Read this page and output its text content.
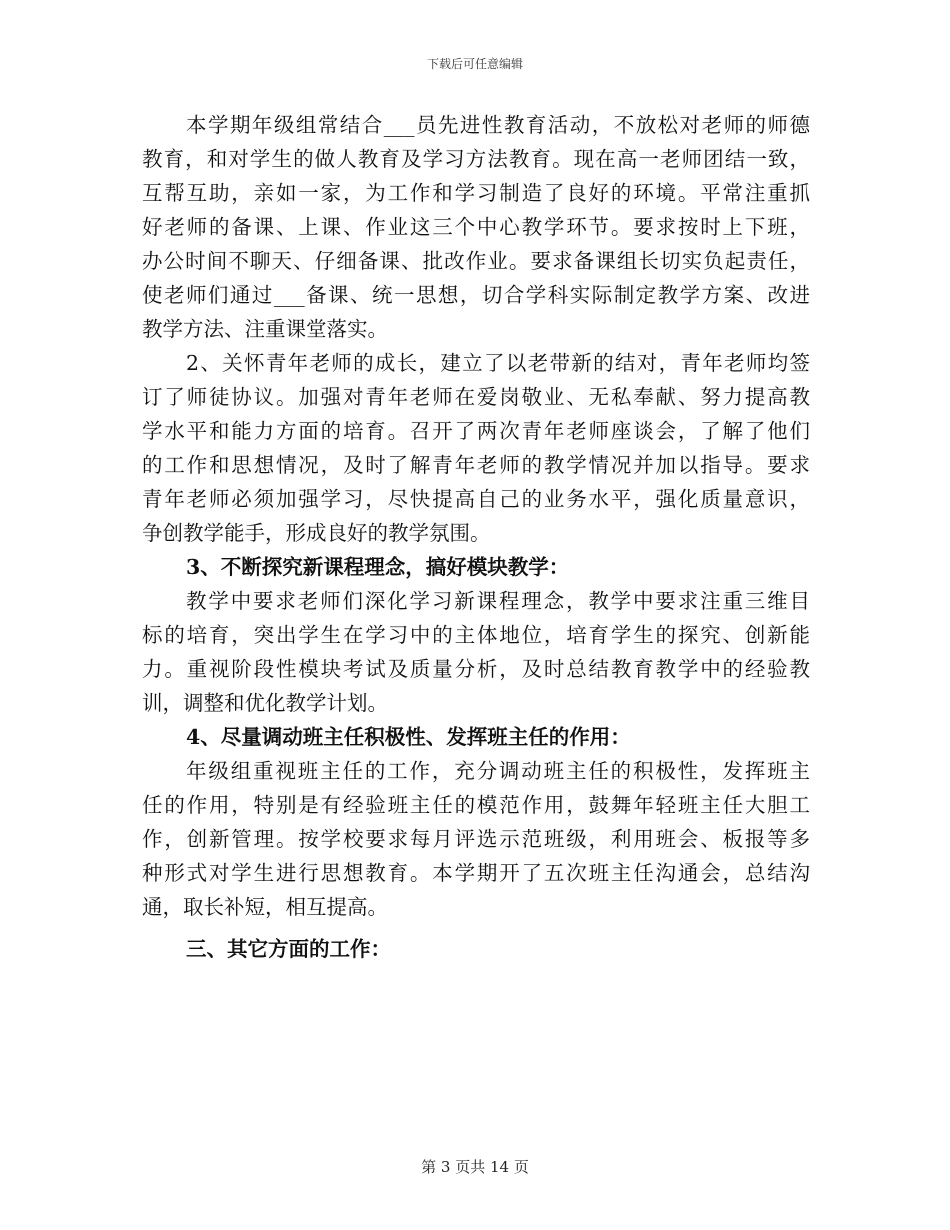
下载后可任意编辑
本学期年级组常结合___员先进性教育活动，不放松对老师的师德
教育，和对学生的做人教育及学习方法教育。现在高一老师团结一致，
互帮互助，亲如一家，为工作和学习制造了良好的环境。平常注重抓
好老师的备课、上课、作业这三个中心教学环节。要求按时上下班，
办公时间不聊天、仔细备课、批改作业。要求备课组长切实负起责任，
使老师们通过___备课、统一思想，切合学科实际制定教学方案、改进
教学方法、注重课堂落实。
2、关怀青年老师的成长，建立了以老带新的结对，青年老师均签
订了师徒协议。加强对青年老师在爱岗敬业、无私奉献、努力提高教
学水平和能力方面的培育。召开了两次青年老师座谈会，了解了他们
的工作和思想情况，及时了解青年老师的教学情况并加以指导。要求
青年老师必须加强学习，尽快提高自己的业务水平，强化质量意识，
争创教学能手，形成良好的教学氛围。
3、不断探究新课程理念，搞好模块教学：
教学中要求老师们深化学习新课程理念，教学中要求注重三维目
标的培育，突出学生在学习中的主体地位，培育学生的探究、创新能
力。重视阶段性模块考试及质量分析，及时总结教育教学中的经验教
训，调整和优化教学计划。
4、尽量调动班主任积极性、发挥班主任的作用：
年级组重视班主任的工作，充分调动班主任的积极性，发挥班主
任的作用，特别是有经验班主任的模范作用，鼓舞年轻班主任大胆工
作，创新管理。按学校要求每月评选示范班级，利用班会、板报等多
种形式对学生进行思想教育。本学期开了五次班主任沟通会，总结沟
通，取长补短，相互提高。
三、其它方面的工作：
第 3 页共 14 页
